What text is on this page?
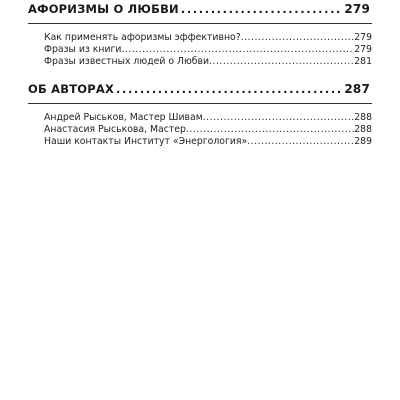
АФОРИЗМЫ О ЛЮБВИ .....	279
Как применять афоризмы эффективно? .....	279
Фразы из книги .....	279
Фразы известных людей о Любви .....	281
ОБ АВТОРАХ .....	287
Андрей Рыськов, Мастер Шивам .....	288
Анастасия Рыськова, Мастер .....	288
Наши контакты Институт «Энергология» .....	289
